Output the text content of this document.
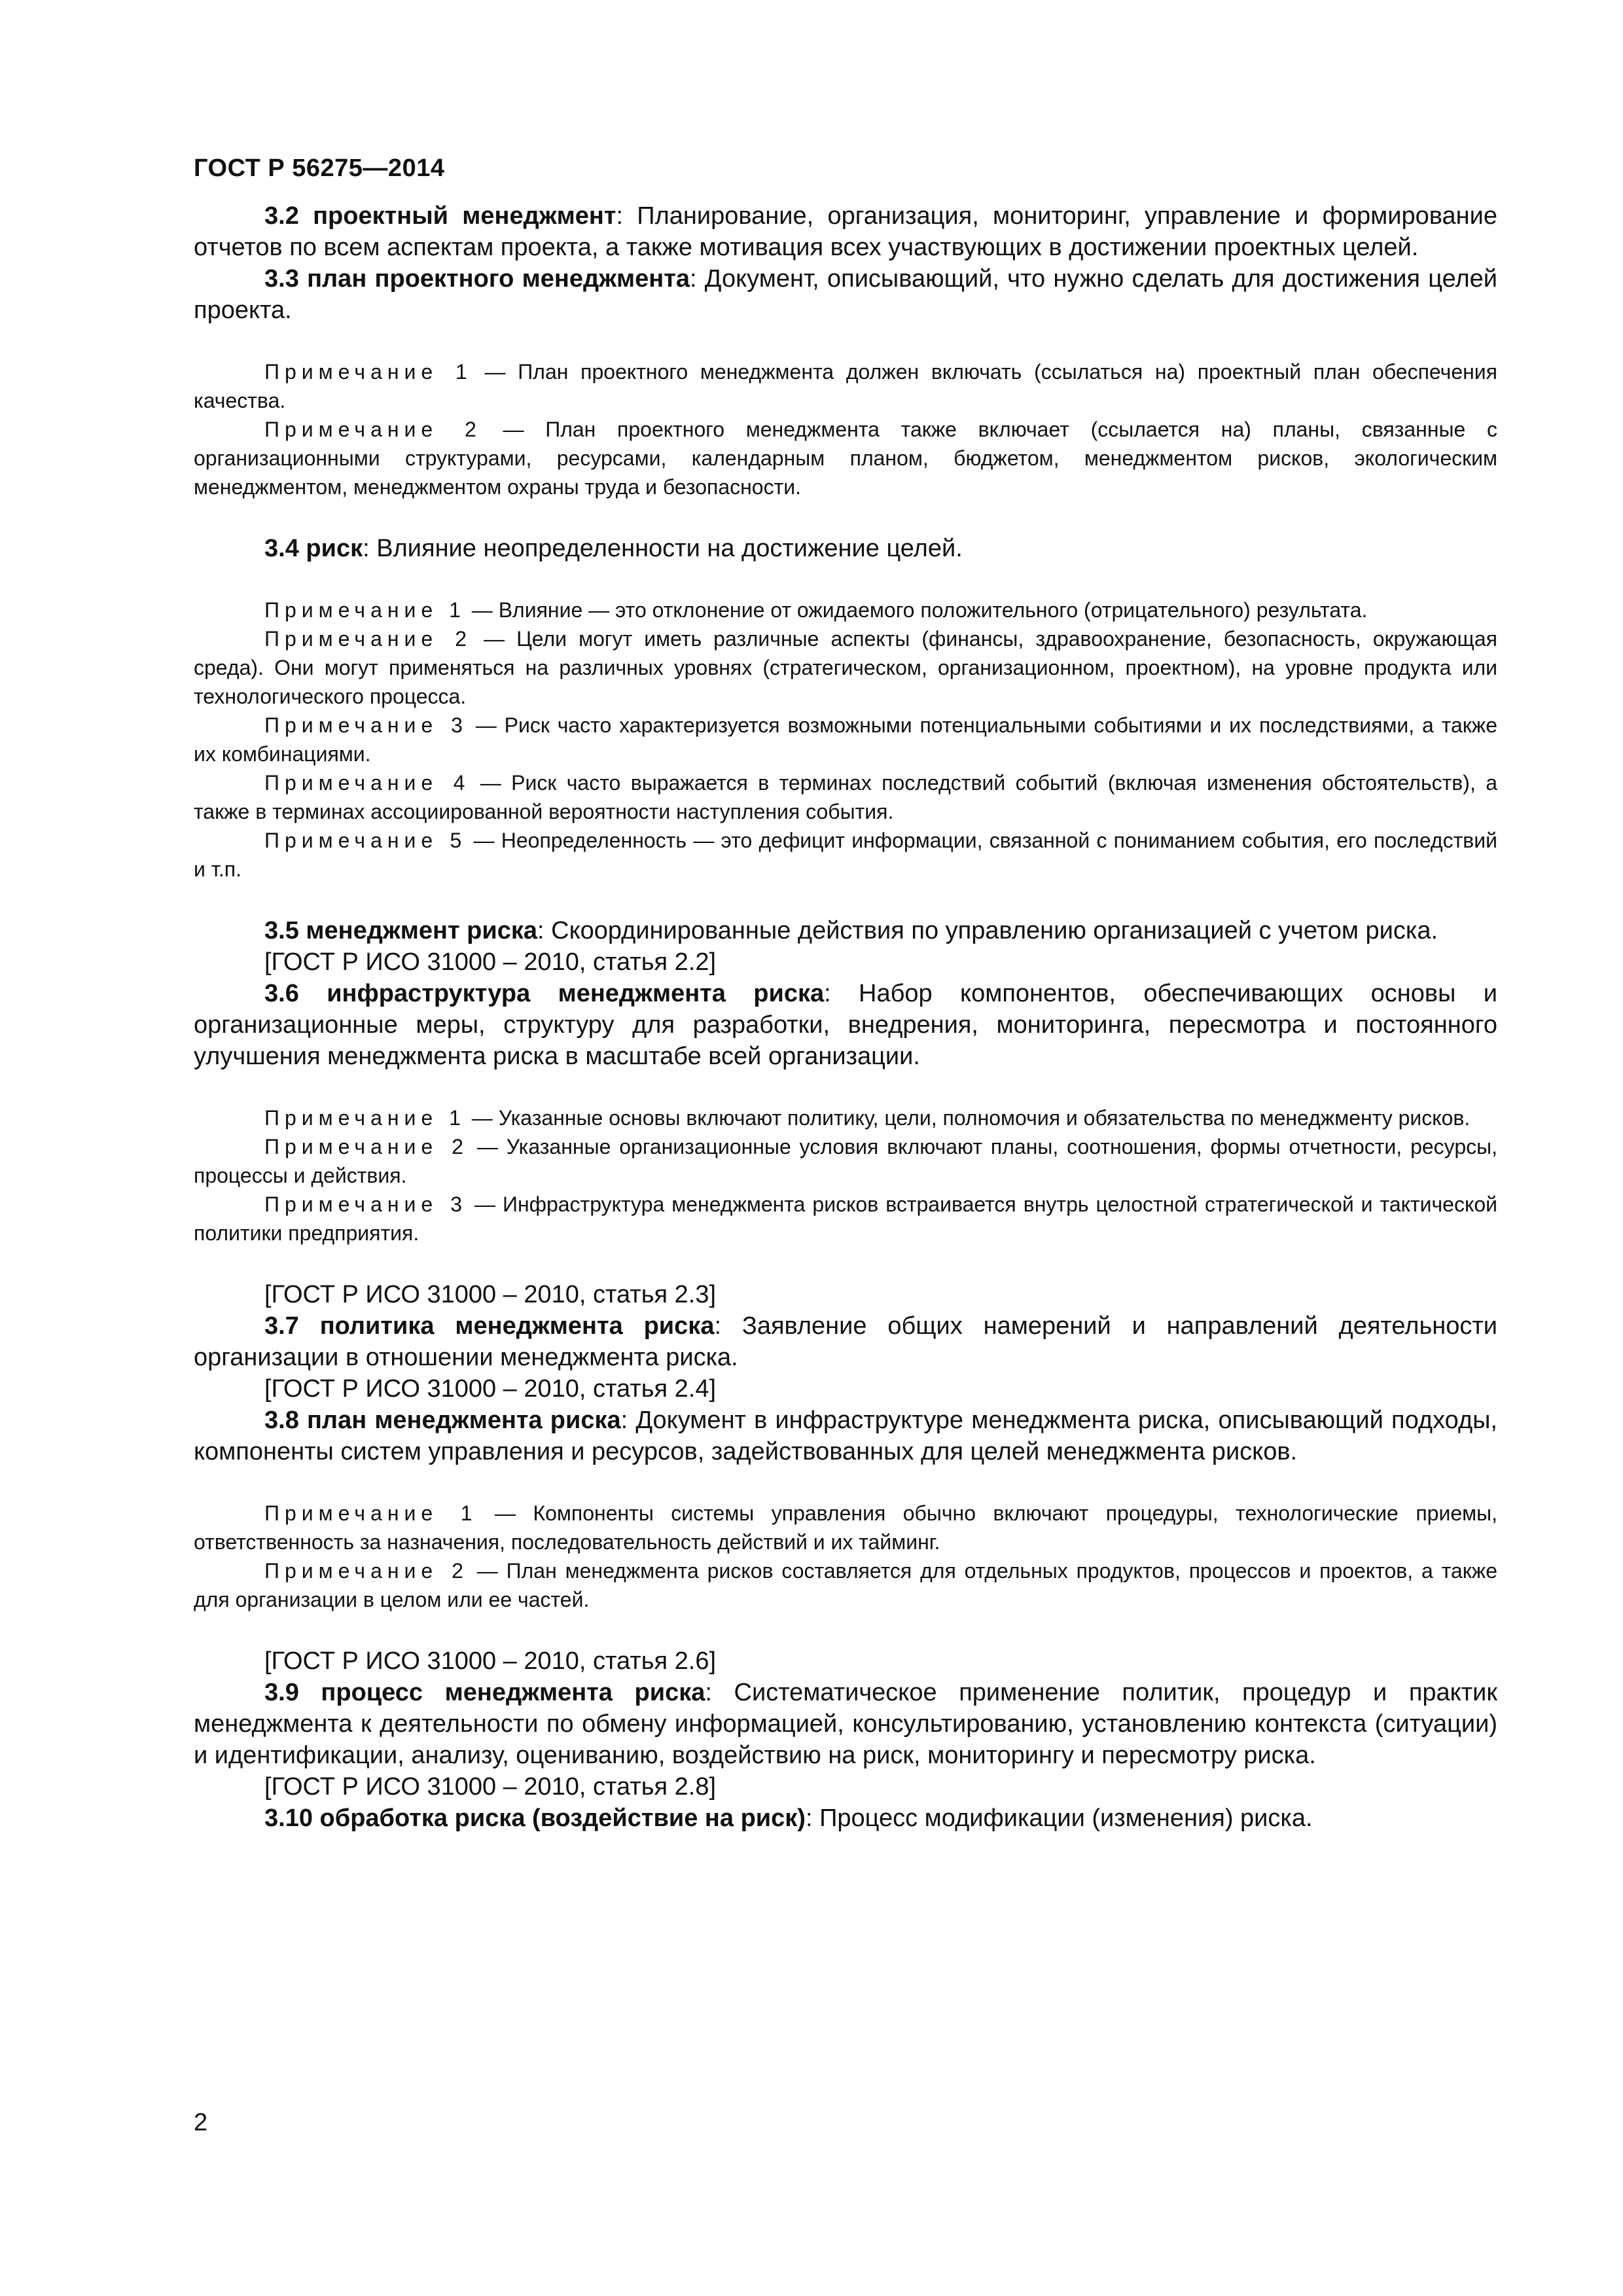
ГОСТ Р 56275—2014

3.2 проектный менеджмент: Планирование, организация, мониторинг, управление и формирование отчетов по всем аспектам проекта, а также мотивация всех участвующих в достижении проектных целей.

3.3 план проектного менеджмента: Документ, описывающий, что нужно сделать для достижения целей проекта.

Примечание 1 — План проектного менеджмента должен включать (ссылаться на) проектный план обеспечения качества.

Примечание 2 — План проектного менеджмента также включает (ссылается на) планы, связанные с организационными структурами, ресурсами, календарным планом, бюджетом, менеджментом рисков, экологическим менеджментом, менеджментом охраны труда и безопасности.

3.4 риск: Влияние неопределенности на достижение целей.

Примечание 1 — Влияние — это отклонение от ожидаемого положительного (отрицательного) результата.

Примечание 2 — Цели могут иметь различные аспекты (финансы, здравоохранение, безопасность, окружающая среда). Они могут применяться на различных уровнях (стратегическом, организационном, проектном), на уровне продукта или технологического процесса.

Примечание 3 — Риск часто характеризуется возможными потенциальными событиями и их последствиями, а также их комбинациями.

Примечание 4 — Риск часто выражается в терминах последствий событий (включая изменения обстоятельств), а также в терминах ассоциированной вероятности наступления события.

Примечание 5 — Неопределенность — это дефицит информации, связанной с пониманием события, его последствий и т.п.

3.5 менеджмент риска: Скоординированные действия по управлению организацией с учетом риска.

[ГОСТ Р ИСО 31000 – 2010, статья 2.2]

3.6 инфраструктура менеджмента риска: Набор компонентов, обеспечивающих основы и организационные меры, структуру для разработки, внедрения, мониторинга, пересмотра и постоянного улучшения менеджмента риска в масштабе всей организации.

Примечание 1 — Указанные основы включают политику, цели, полномочия и обязательства по менеджменту рисков.

Примечание 2 — Указанные организационные условия включают планы, соотношения, формы отчетности, ресурсы, процессы и действия.

Примечание 3 — Инфраструктура менеджмента рисков встраивается внутрь целостной стратегической и тактической политики предприятия.

[ГОСТ Р ИСО 31000 – 2010, статья 2.3]

3.7 политика менеджмента риска: Заявление общих намерений и направлений деятельности организации в отношении менеджмента риска.

[ГОСТ Р ИСО 31000 – 2010, статья 2.4]

3.8 план менеджмента риска: Документ в инфраструктуре менеджмента риска, описывающий подходы, компоненты систем управления и ресурсов, задействованных для целей менеджмента рисков.

Примечание 1 — Компоненты системы управления обычно включают процедуры, технологические приемы, ответственность за назначения, последовательность действий и их тайминг.

Примечание 2 — План менеджмента рисков составляется для отдельных продуктов, процессов и проектов, а также для организации в целом или ее частей.

[ГОСТ Р ИСО 31000 – 2010, статья 2.6]

3.9 процесс менеджмента риска: Систематическое применение политик, процедур и практик менеджмента к деятельности по обмену информацией, консультированию, установлению контекста (ситуации) и идентификации, анализу, оцениванию, воздействию на риск, мониторингу и пересмотру риска.

[ГОСТ Р ИСО 31000 – 2010, статья 2.8]

3.10 обработка риска (воздействие на риск): Процесс модификации (изменения) риска.

2
